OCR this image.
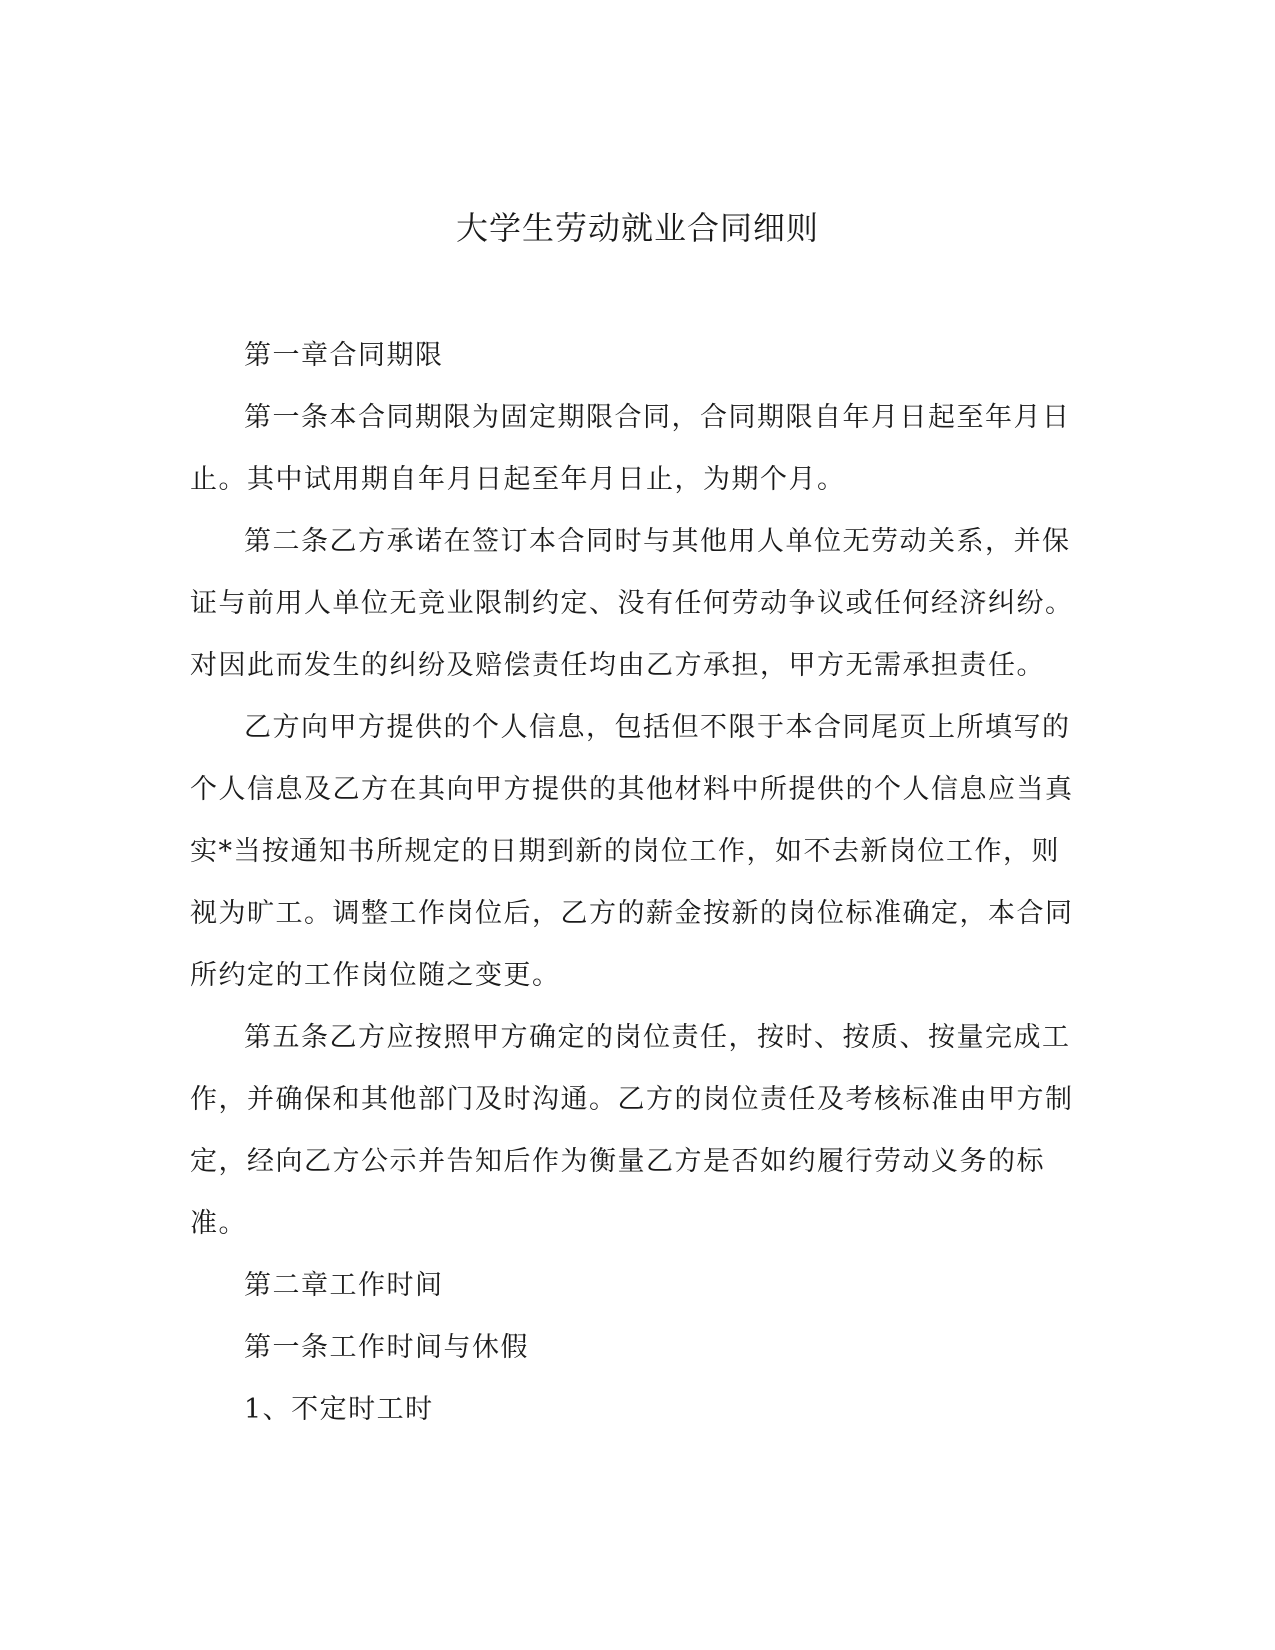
大学生劳动就业合同细则

第一章合同期限

第一条本合同期限为固定期限合同，合同期限自年月日起至年月日止。其中试用期自年月日起至年月日止，为期个月。

第二条乙方承诺在签订本合同时与其他用人单位无劳动关系，并保证与前用人单位无竞业限制约定、没有任何劳动争议或任何经济纠纷。对因此而发生的纠纷及赔偿责任均由乙方承担，甲方无需承担责任。

乙方向甲方提供的个人信息，包括但不限于本合同尾页上所填写的个人信息及乙方在其向甲方提供的其他材料中所提供的个人信息应当真实*当按通知书所规定的日期到新的岗位工作，如不去新岗位工作，则视为旷工。调整工作岗位后，乙方的薪金按新的岗位标准确定，本合同所约定的工作岗位随之变更。

第五条乙方应按照甲方确定的岗位责任，按时、按质、按量完成工作，并确保和其他部门及时沟通。乙方的岗位责任及考核标准由甲方制定，经向乙方公示并告知后作为衡量乙方是否如约履行劳动义务的标准。

第二章工作时间

第一条工作时间与休假

1、不定时工时
